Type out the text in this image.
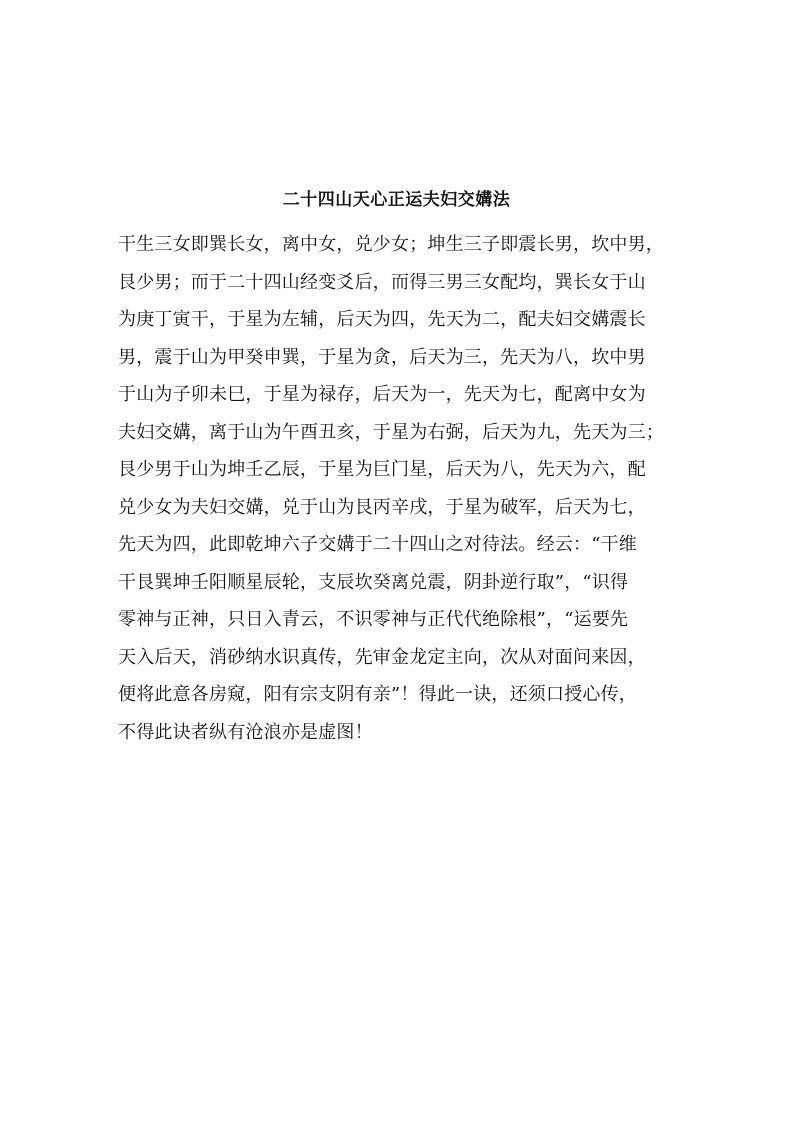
二十四山天心正运夫妇交媾法
干生三女即巽长女，离中女，兑少女；坤生三子即震长男，坎中男，
艮少男；而于二十四山经变爻后，而得三男三女配均，巽长女于山
为庚丁寅干，于星为左辅，后天为四，先天为二，配夫妇交媾震长
男，震于山为甲癸申巽，于星为贪，后天为三，先天为八，坎中男
于山为子卯未巳，于星为禄存，后天为一，先天为七，配离中女为
夫妇交媾，离于山为午酉丑亥，于星为右弼，后天为九，先天为三；
艮少男于山为坤壬乙辰，于星为巨门星，后天为八，先天为六，配
兑少女为夫妇交媾，兑于山为艮丙辛戌，于星为破军，后天为七，
先天为四，此即乾坤六子交媾于二十四山之对待法。经云：“干维
干艮巽坤壬阳顺星辰轮，支辰坎癸离兑震，阴卦逆行取”，“识得
零神与正神，只日入青云，不识零神与正代代绝除根”，“运要先
天入后天，消砂纳水识真传，先审金龙定主向，次从对面问来因，
便将此意各房窥，阳有宗支阴有亲”！得此一诀，还须口授心传，
不得此诀者纵有沧浪亦是虚图！
